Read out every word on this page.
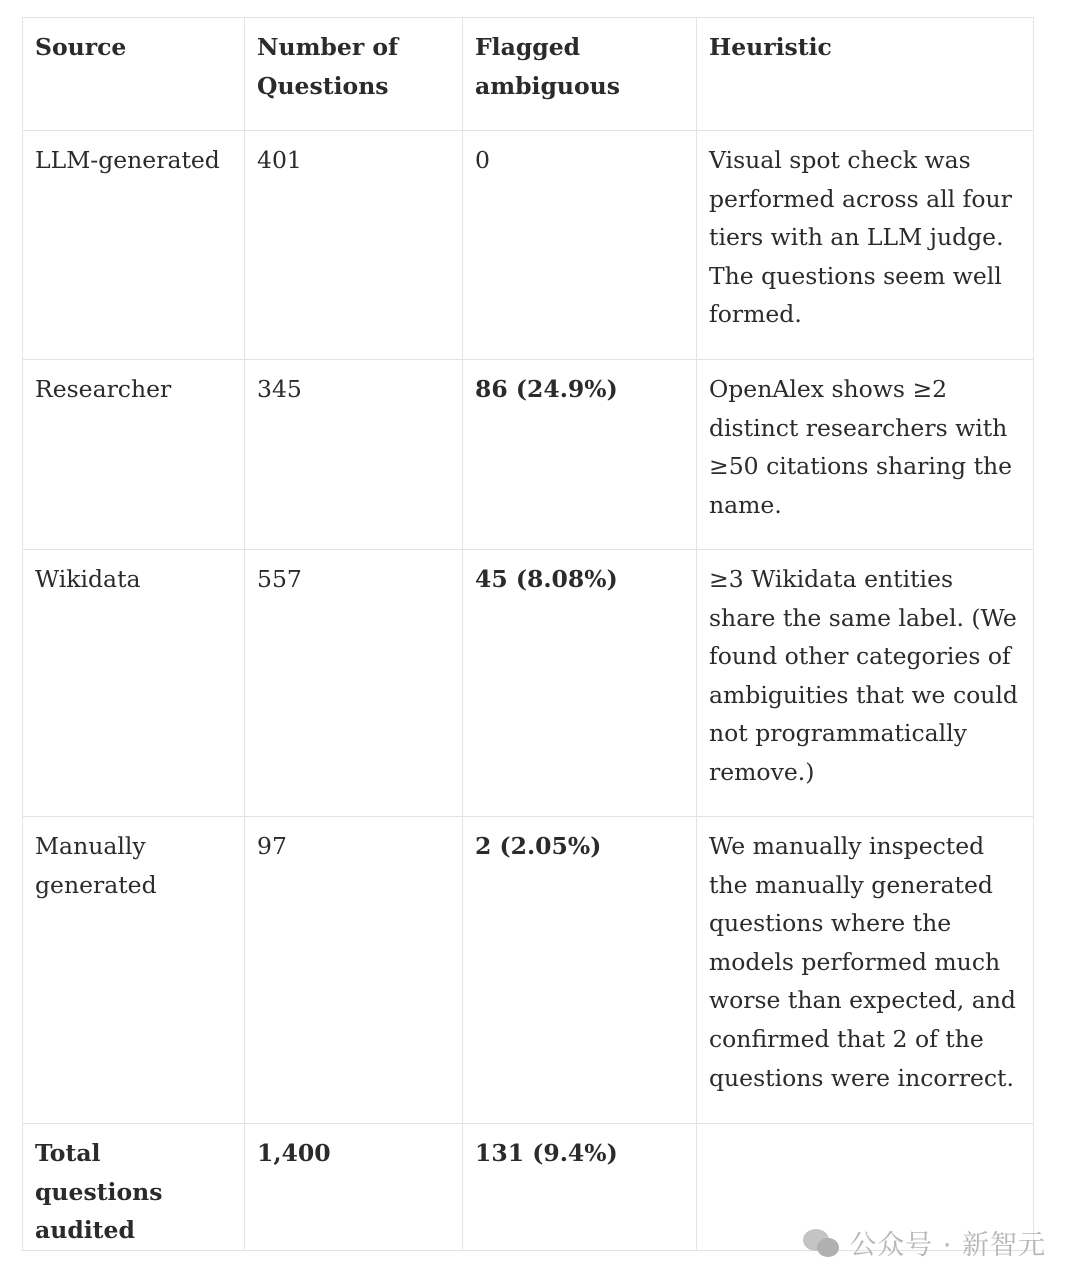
Source	Number of Questions	Flagged ambiguous	Heuristic
LLM-generated	401	0	Visual spot check was performed across all four tiers with an LLM judge. The questions seem well formed.
Researcher	345	86 (24.9%)	OpenAlex shows ≥2 distinct researchers with ≥50 citations sharing the name.
Wikidata	557	45 (8.08%)	≥3 Wikidata entities share the same label. (We found other categories of ambiguities that we could not programmatically remove.)
Manually generated	97	2 (2.05%)	We manually inspected the manually generated questions where the models performed much worse than expected, and confirmed that 2 of the questions were incorrect.
Total questions audited	1,400	131 (9.4%)	
公众号 · 新智元
